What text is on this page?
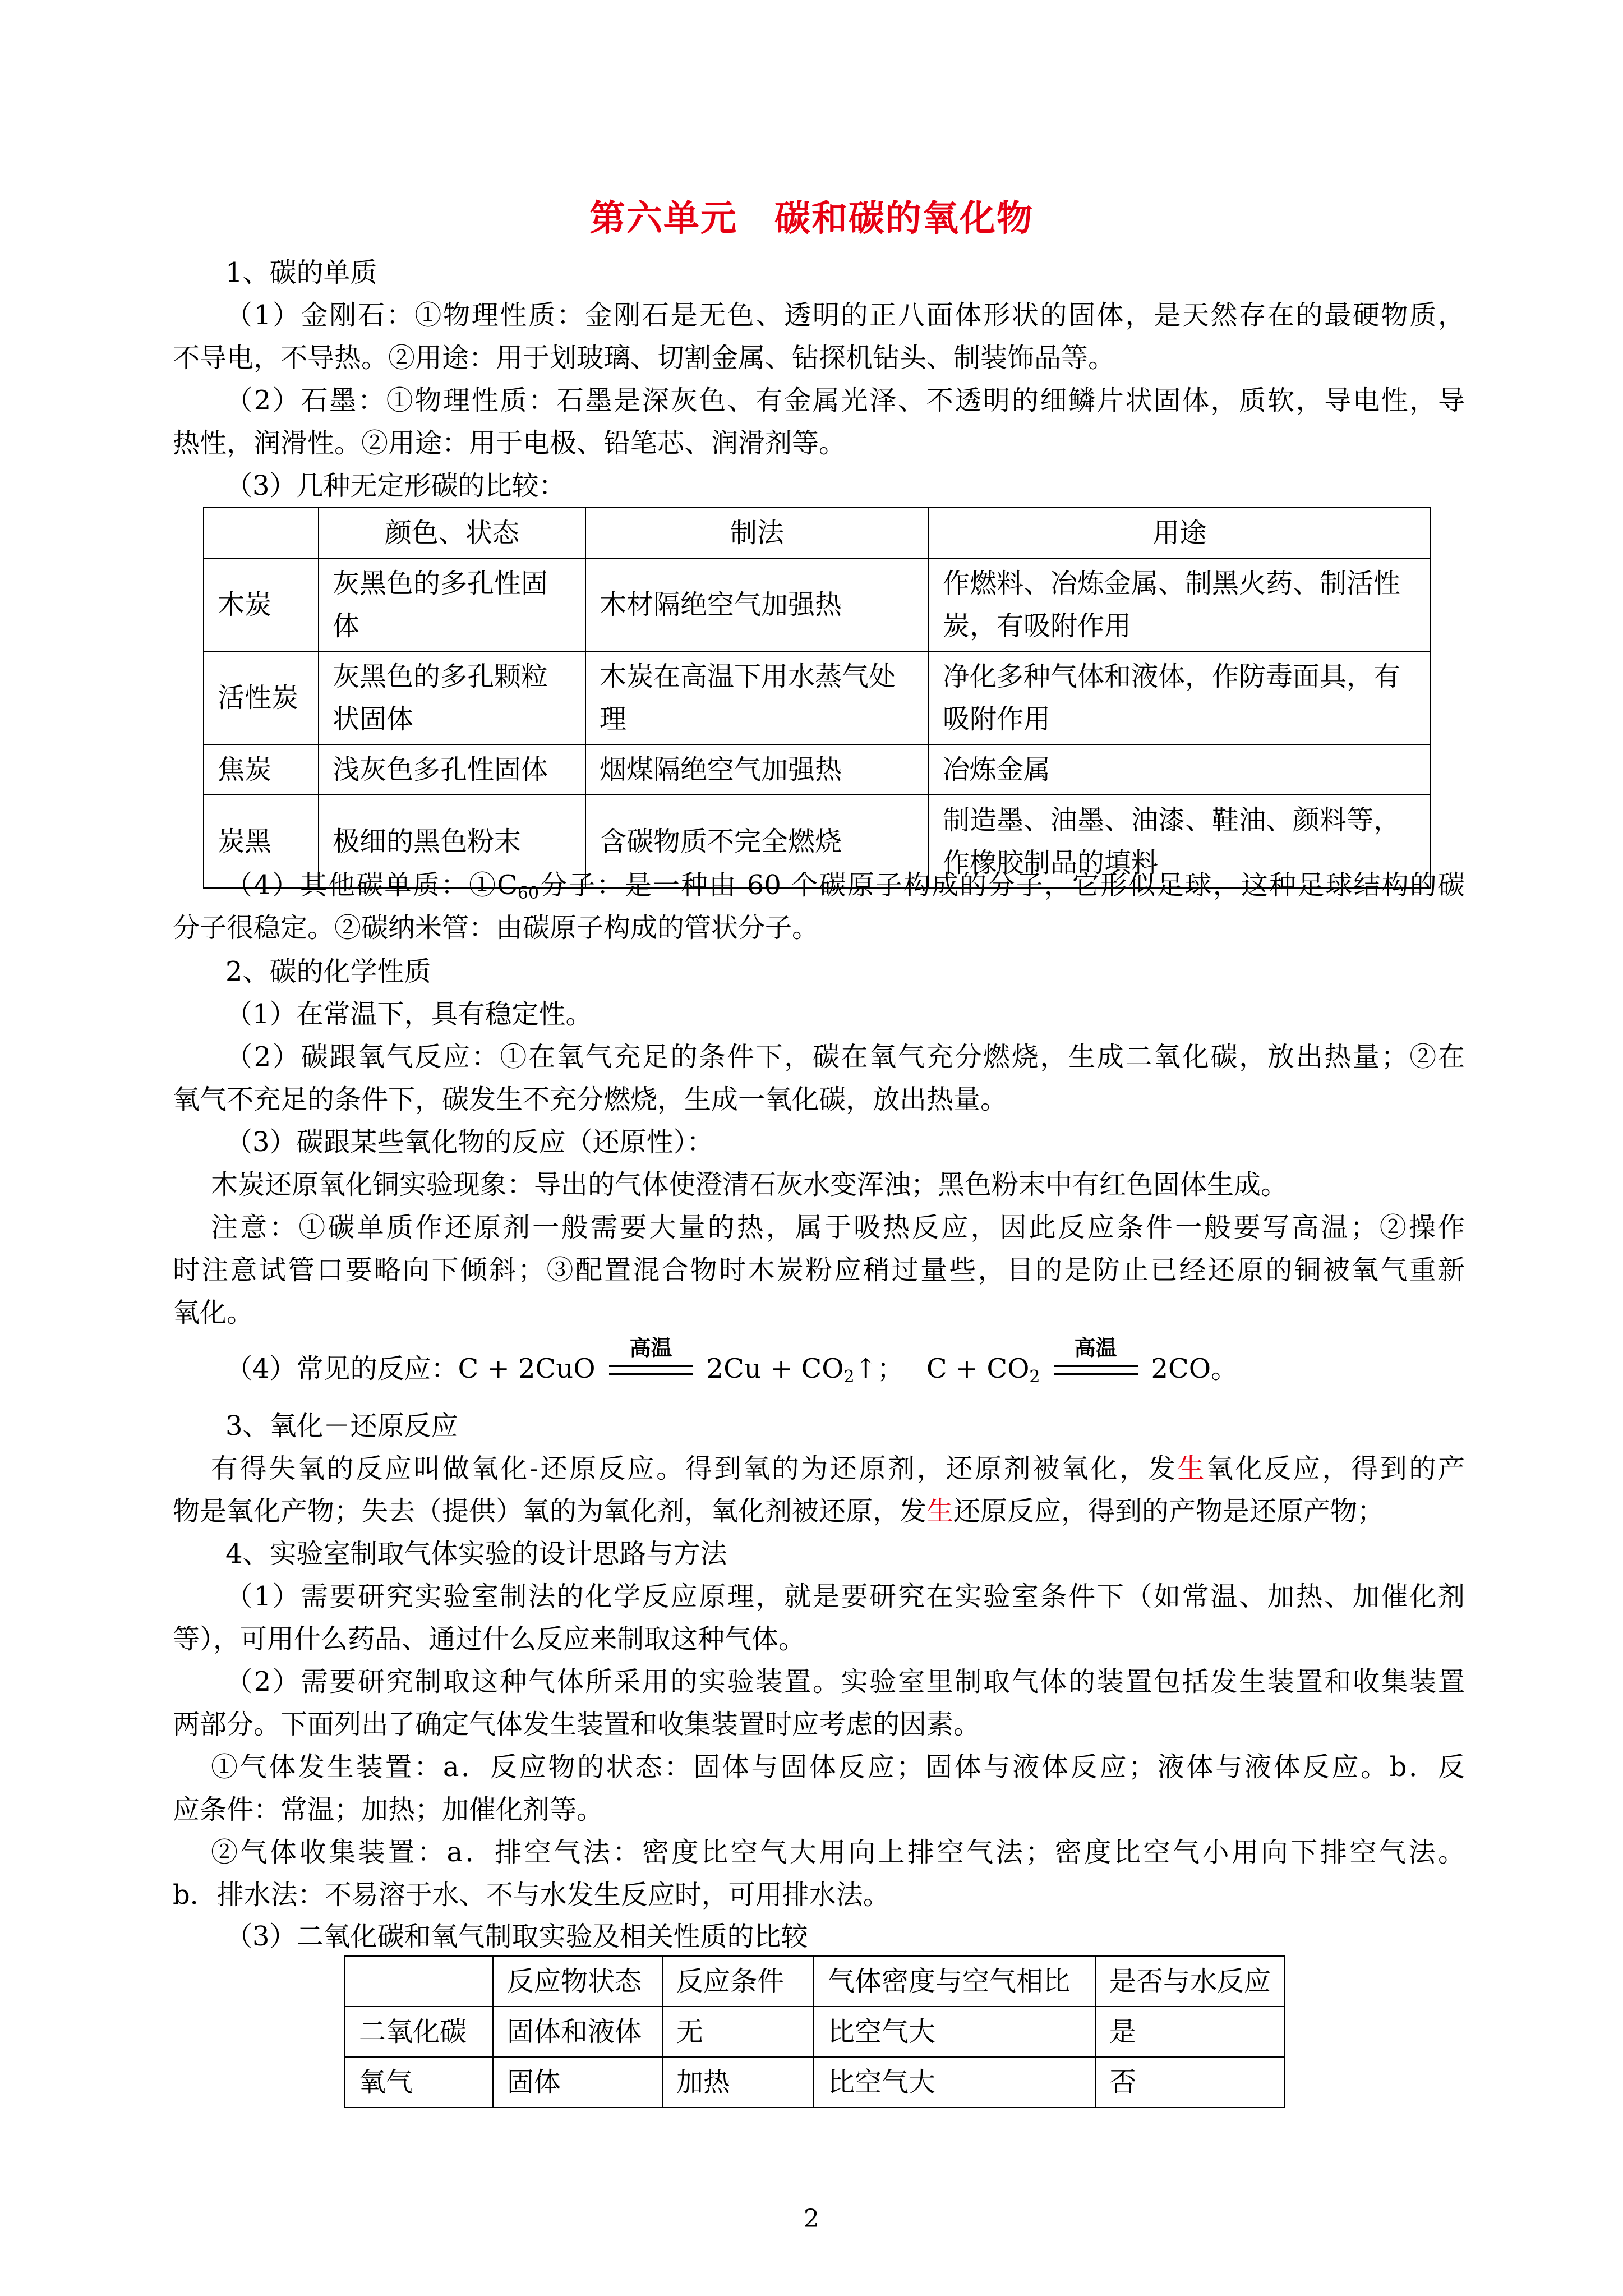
第六单元　碳和碳的氧化物
1、碳的单质
（1）金刚石：①物理性质：金刚石是无色、透明的正八面体形状的固体，是天然存在的最硬物质，
不导电，不导热。②用途：用于划玻璃、切割金属、钻探机钻头、制装饰品等。
（2）石墨：①物理性质：石墨是深灰色、有金属光泽、不透明的细鳞片状固体，质软，导电性，导
热性，润滑性。②用途：用于电极、铅笔芯、润滑剂等。
（3）几种无定形碳的比较：
	颜色、状态	制法	用途
木炭	灰黑色的多孔性固体	木材隔绝空气加强热	作燃料、冶炼金属、制黑火药、制活性炭，有吸附作用
活性炭	灰黑色的多孔颗粒状固体	木炭在高温下用水蒸气处理	净化多种气体和液体，作防毒面具，有吸附作用
焦炭	浅灰色多孔性固体	烟煤隔绝空气加强热	冶炼金属
炭黑	极细的黑色粉末	含碳物质不完全燃烧	制造墨、油墨、油漆、鞋油、颜料等，作橡胶制品的填料
（4）其他碳单质：$①C_{60}$分子：是一种由 60 个碳原子构成的分子，它形似足球，这种足球结构的碳
分子很稳定。②碳纳米管：由碳原子构成的管状分子。
2、碳的化学性质
（1）在常温下，具有稳定性。
（2）碳跟氧气反应：①在氧气充足的条件下，碳在氧气充分燃烧，生成二氧化碳，放出热量；②在
氧气不充足的条件下，碳发生不充分燃烧，生成一氧化碳，放出热量。
（3）碳跟某些氧化物的反应（还原性）：
木炭还原氧化铜实验现象：导出的气体使澄清石灰水变浑浊；黑色粉末中有红色固体生成。
注意：①碳单质作还原剂一般需要大量的热，属于吸热反应，因此反应条件一般要写高温；②操作
时注意试管口要略向下倾斜；③配置混合物时木炭粉应稍过量些，目的是防止已经还原的铜被氧气重新
氧化。
（4）常见的反应：C + 2CuO
高温
$2Cu + CO_2↑$； $C + CO_2$
高温
2CO。
3、氧化－还原反应
有得失氧的反应叫做氧化-还原反应。得到氧的为还原剂，还原剂被氧化，发生氧化反应，得到的产
物是氧化产物；失去（提供）氧的为氧化剂，氧化剂被还原，发生还原反应，得到的产物是还原产物；
4、实验室制取气体实验的设计思路与方法
（1）需要研究实验室制法的化学反应原理，就是要研究在实验室条件下（如常温、加热、加催化剂
等），可用什么药品、通过什么反应来制取这种气体。
（2）需要研究制取这种气体所采用的实验装置。实验室里制取气体的装置包括发生装置和收集装置
两部分。下面列出了确定气体发生装置和收集装置时应考虑的因素。
①气体发生装置：a．反应物的状态：固体与固体反应；固体与液体反应；液体与液体反应。b．反
应条件：常温；加热；加催化剂等。
②气体收集装置：a．排空气法：密度比空气大用向上排空气法；密度比空气小用向下排空气法。
b．排水法：不易溶于水、不与水发生反应时，可用排水法。
（3）二氧化碳和氧气制取实验及相关性质的比较
	反应物状态	反应条件	气体密度与空气相比	是否与水反应
二氧化碳	固体和液体	无	比空气大	是
氧气	固体	加热	比空气大	否
2
